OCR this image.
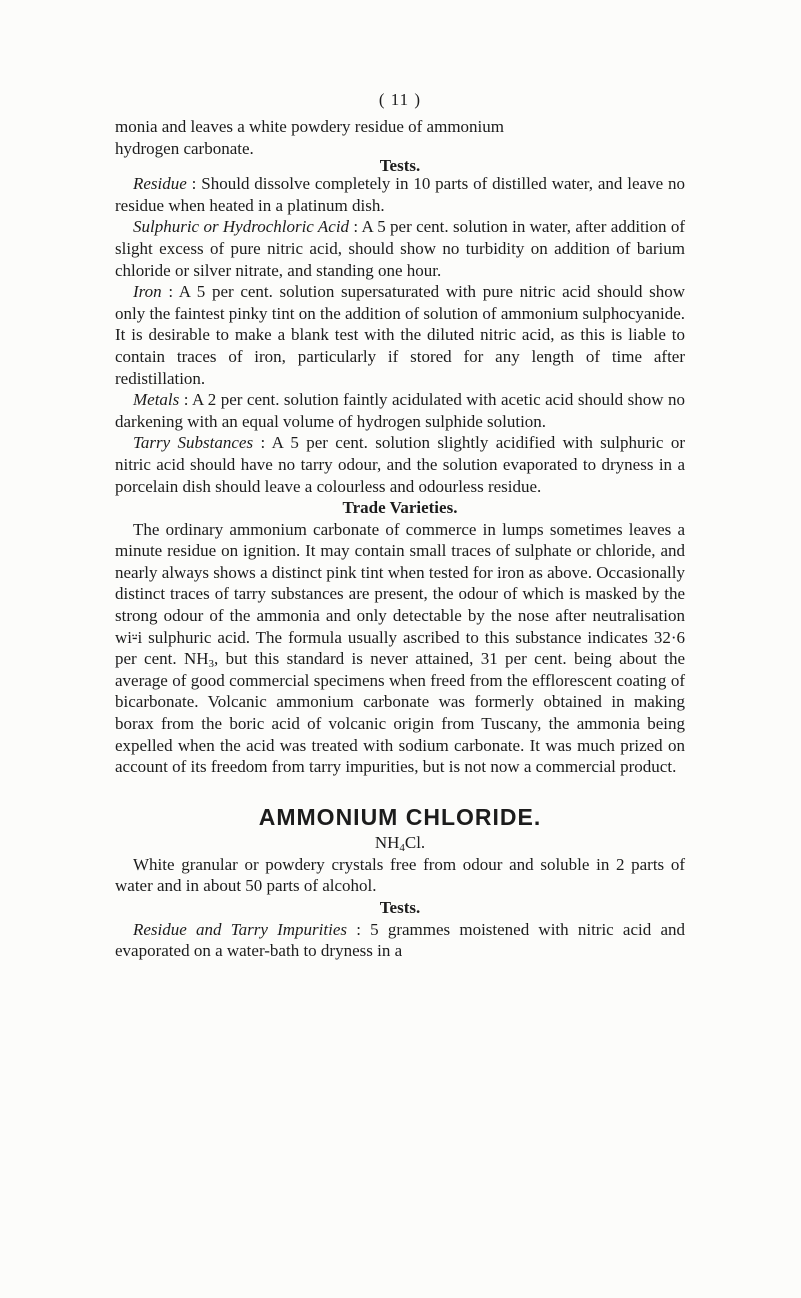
( 11 )

monia and leaves a white powdery residue of ammonium
hydrogen carbonate.

Tests.

Residue : Should dissolve completely in 10 parts of distilled water, and leave no residue when heated in a platinum dish.

Sulphuric or Hydrochloric Acid : A 5 per cent. solution in water, after addition of slight excess of pure nitric acid, should show no turbidity on addition of barium chloride or silver nitrate, and standing one hour.

Iron : A 5 per cent. solution supersaturated with pure nitric acid should show only the faintest pinky tint on the addition of solution of ammonium sulphocyanide. It is desirable to make a blank test with the diluted nitric acid, as this is liable to contain traces of iron, particularly if stored for any length of time after redistillation.

Metals : A 2 per cent. solution faintly acidulated with acetic acid should show no darkening with an equal volume of hydrogen sulphide solution.

Tarry Substances : A 5 per cent. solution slightly acidified with sulphuric or nitric acid should have no tarry odour, and the solution evaporated to dryness in a porcelain dish should leave a colourless and odourless residue.

Trade Varieties.

The ordinary ammonium carbonate of commerce in lumps sometimes leaves a minute residue on ignition. It may contain small traces of sulphate or chloride, and nearly always shows a distinct pink tint when tested for iron as above. Occasionally distinct traces of tarry substances are present, the odour of which is masked by the strong odour of the ammonia and only detectable by the nose after neutralisation wi⸚i sulphuric acid. The formula usually ascribed to this substance indicates 32·6 per cent. $NH_3$, but this standard is never attained, 31 per cent. being about the average of good commercial specimens when freed from the efflorescent coating of bicarbonate. Volcanic ammonium carbonate was formerly obtained in making borax from the boric acid of volcanic origin from Tuscany, the ammonia being expelled when the acid was treated with sodium carbonate. It was much prized on account of its freedom from tarry impurities, but is not now a commercial product.

AMMONIUM CHLORIDE.
$NH_4Cl$.

White granular or powdery crystals free from odour and soluble in 2 parts of water and in about 50 parts of alcohol.

Tests.

Residue and Tarry Impurities : 5 grammes moistened with nitric acid and evaporated on a water-bath to dryness in a
